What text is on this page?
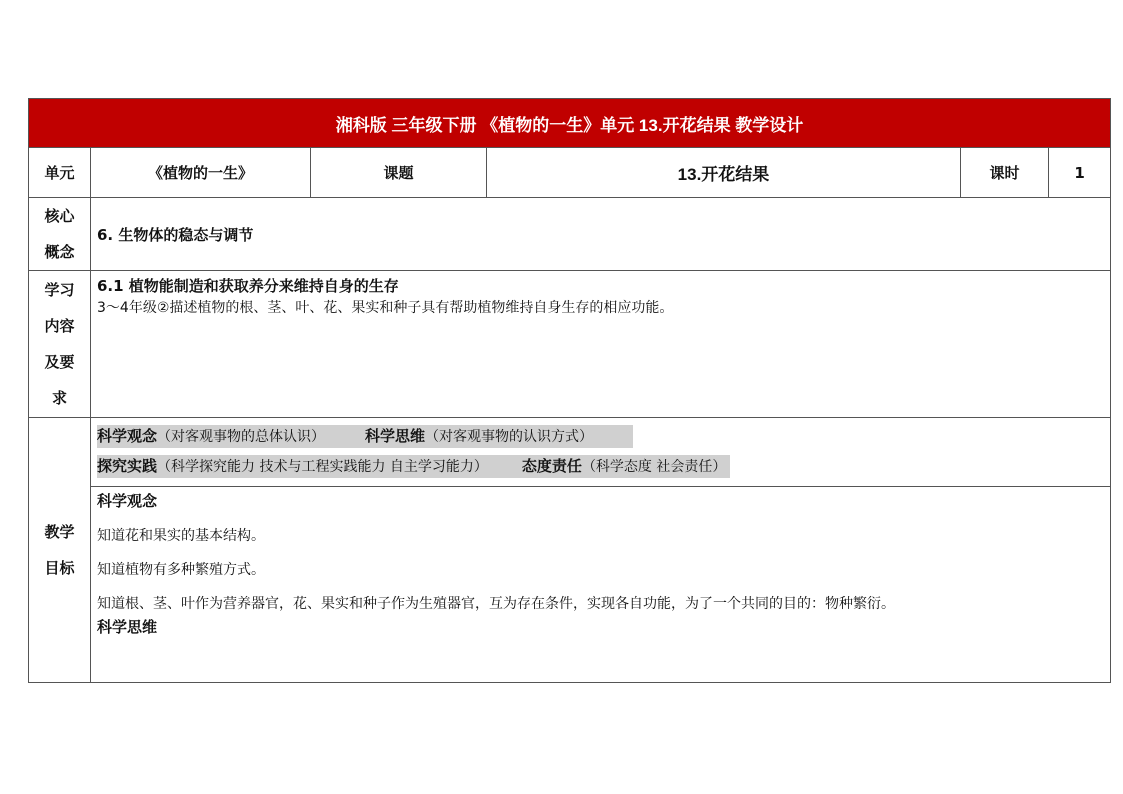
湘科版 三年级下册 《植物的一生》单元 13.开花结果 教学设计					
单元	《植物的一生》	课题	13.开花结果	课时	1
核心
概念	6. 生物体的稳态与调节				
学习
内容
及要
求	6.1 植物能制造和获取养分来维持自身的生存
3～4年级②描述植物的根、茎、叶、花、果实和种子具有帮助植物维持自身生存的相应功能。				
教学
目标	科学观念（对客观事物的总体认识） 科学思维（对客观事物的认识方式）
探究实践（科学探究能力 技术与工程实践能力 自主学习能力） 态度责任（科学态度 社会责任）				

	科学观念
知道花和果实的基本结构。
知道植物有多种繁殖方式。
知道根、茎、叶作为营养器官，花、果实和种子作为生殖器官，互为存在条件，实现各自功能，为了一个共同的目的：物种繁衍。
科学思维				
